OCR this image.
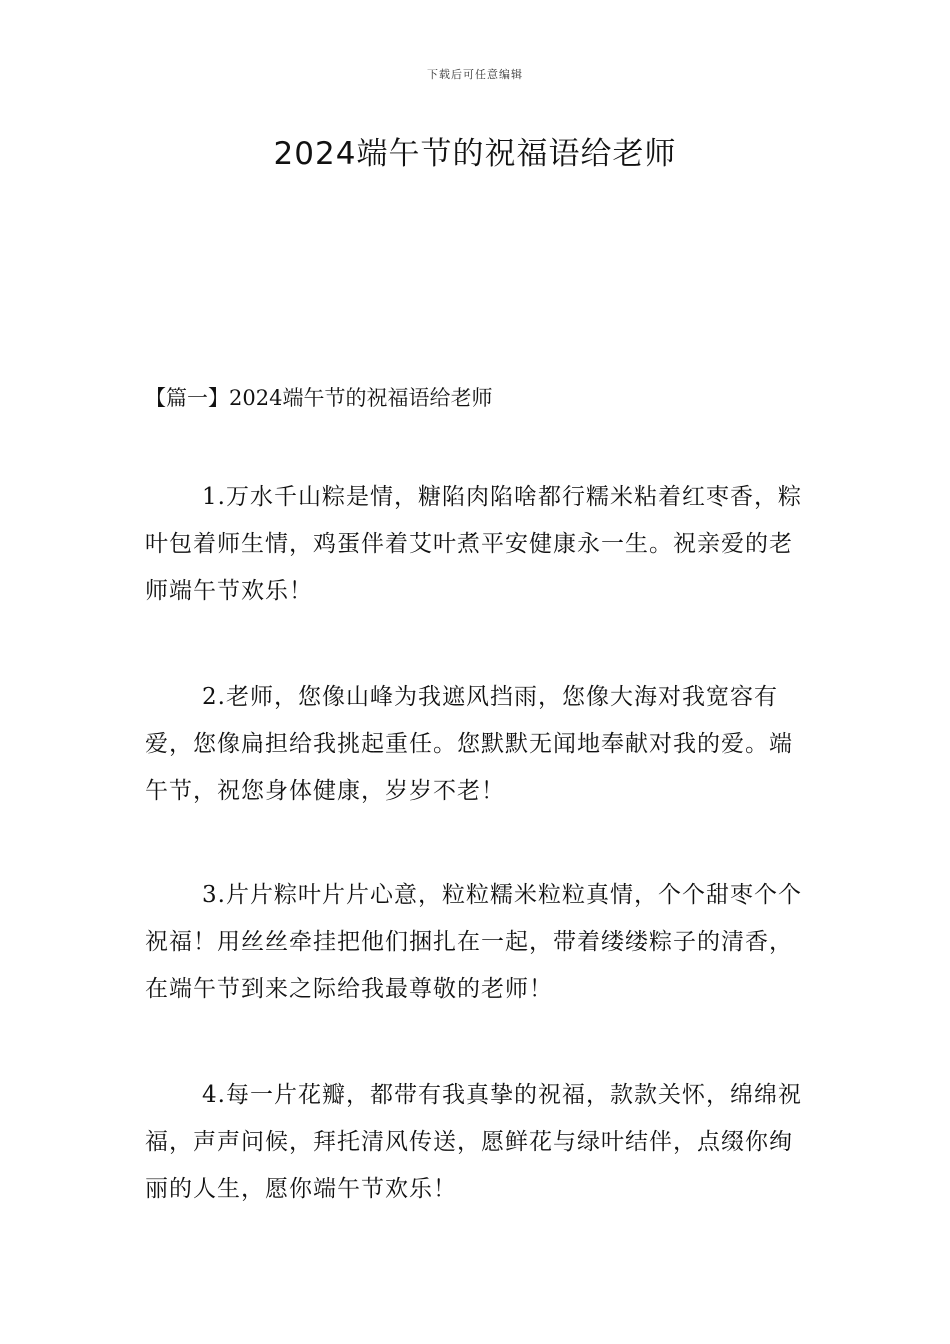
下载后可任意编辑
2024端午节的祝福语给老师

【篇一】2024端午节的祝福语给老师

1.万水千山粽是情，糖陷肉陷啥都行糯米粘着红枣香，粽叶包着师生情，鸡蛋伴着艾叶煮平安健康永一生。祝亲爱的老师端午节欢乐！

2.老师，您像山峰为我遮风挡雨，您像大海对我宽容有爱，您像扁担给我挑起重任。您默默无闻地奉献对我的爱。端午节，祝您身体健康，岁岁不老！

3.片片粽叶片片心意，粒粒糯米粒粒真情，个个甜枣个个祝福！用丝丝牵挂把他们捆扎在一起，带着缕缕粽子的清香，在端午节到来之际给我最尊敬的老师！

4.每一片花瓣，都带有我真挚的祝福，款款关怀，绵绵祝福，声声问候，拜托清风传送，愿鲜花与绿叶结伴，点缀你绚丽的人生，愿你端午节欢乐！
